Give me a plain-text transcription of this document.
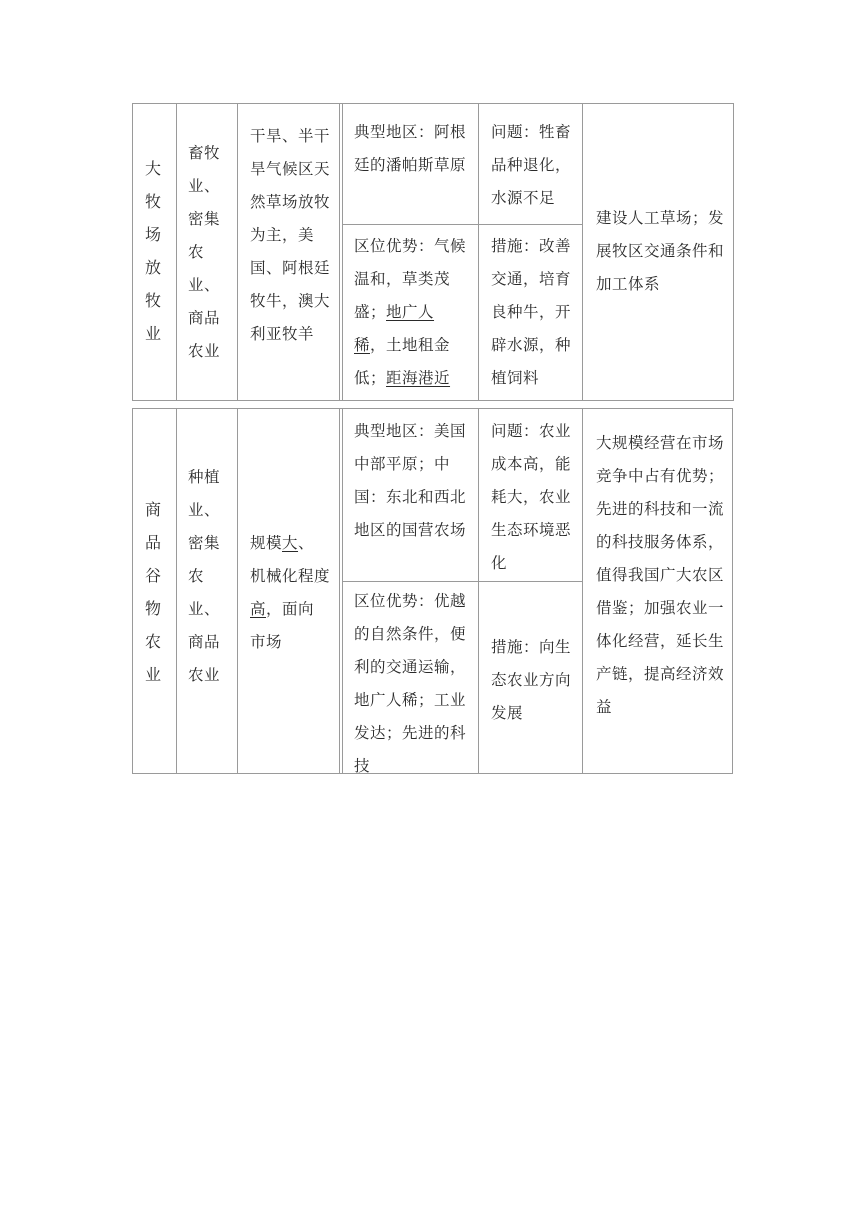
大牧场放牧业
畜牧业、密集农业、商品农业
干旱、半干旱气候区天然草场放牧为主，美国、阿根廷牧牛，澳大利亚牧羊
典型地区：阿根廷的潘帕斯草原
问题：牲畜品种退化，水源不足
区位优势：气候温和，草类茂盛；地广人稀，土地租金低；距海港近
措施：改善交通，培育良种牛，开辟水源，种植饲料
建设人工草场；发展牧区交通条件和加工体系
商品谷物农业
种植业、密集农业、商品农业
规模大、机械化程度高，面向市场
典型地区：美国中部平原；中国：东北和西北地区的国营农场
问题：农业成本高，能耗大，农业生态环境恶化
区位优势：优越的自然条件，便利的交通运输，地广人稀；工业发达；先进的科技
措施：向生态农业方向发展
大规模经营在市场竞争中占有优势；先进的科技和一流的科技服务体系，值得我国广大农区借鉴；加强农业一体化经营，延长生产链，提高经济效益
